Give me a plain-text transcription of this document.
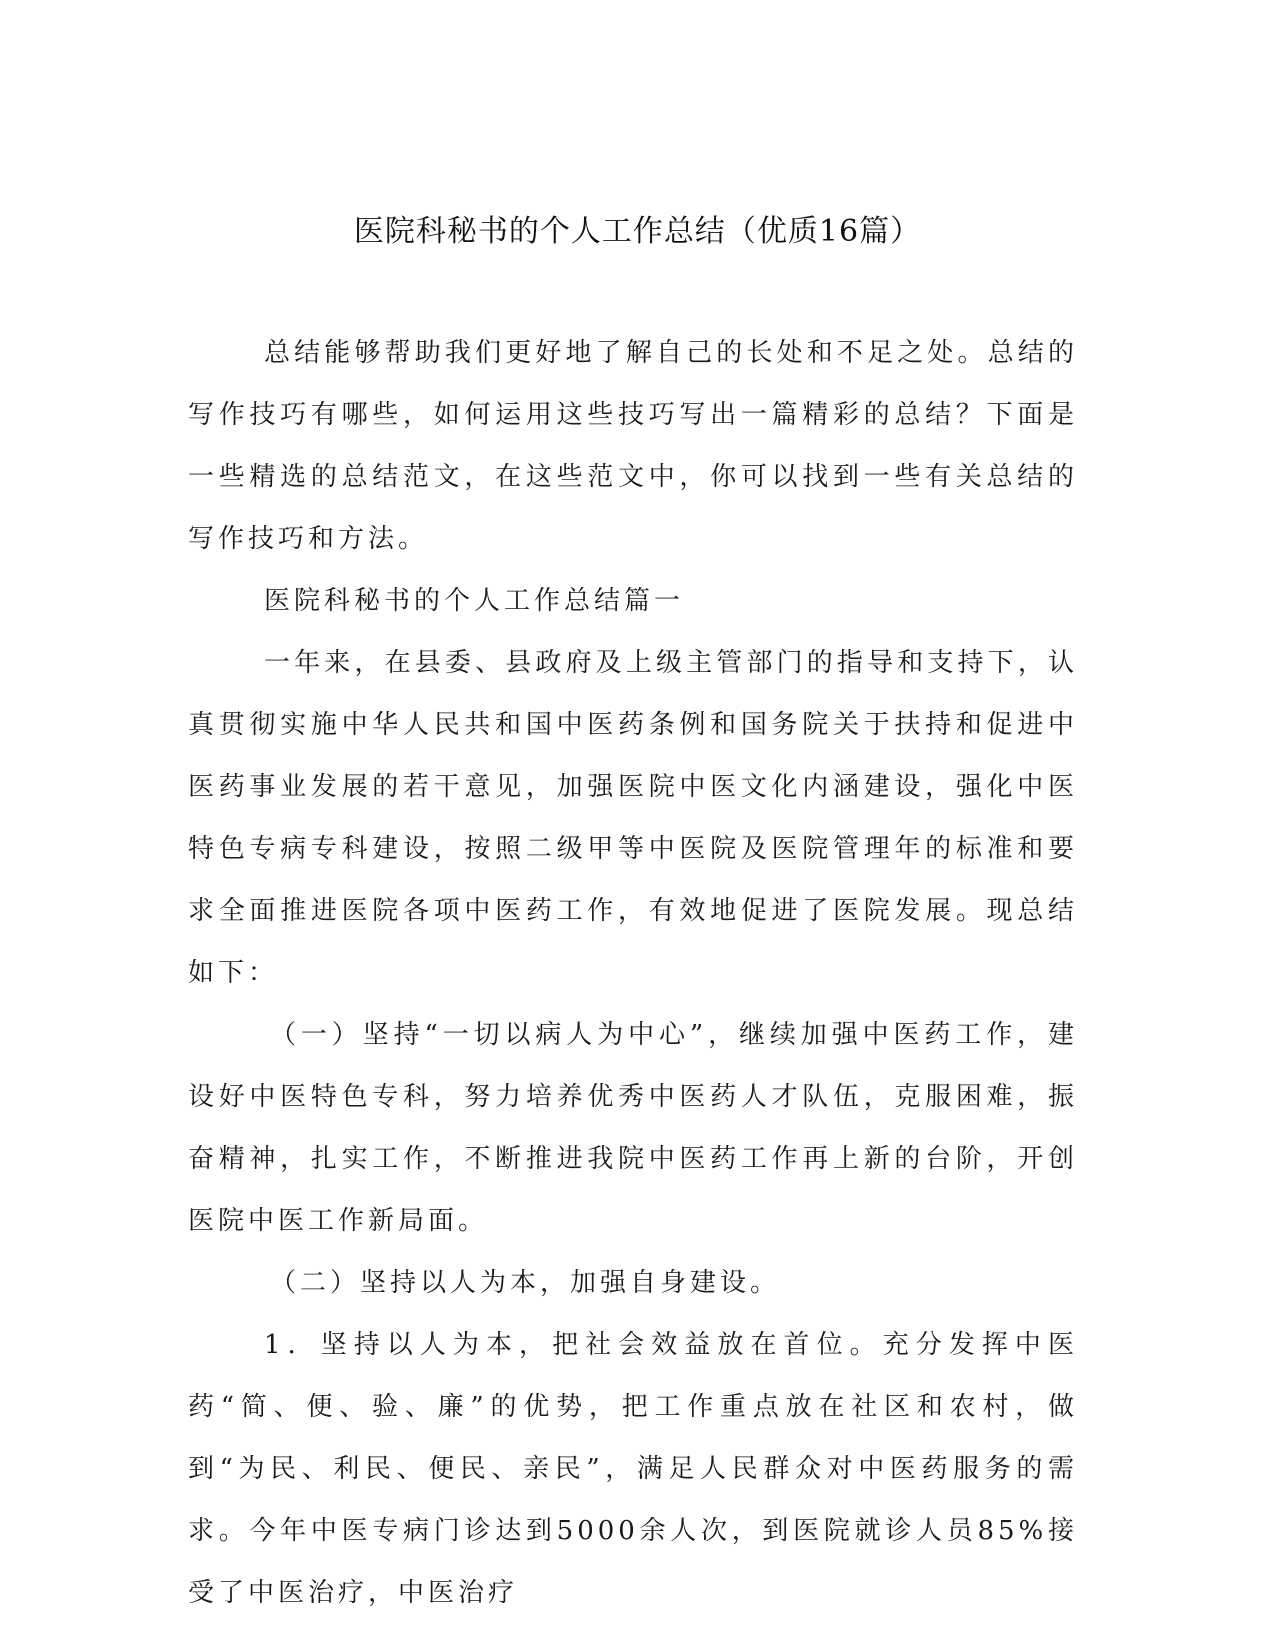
医院科秘书的个人工作总结（优质16篇）

总结能够帮助我们更好地了解自己的长处和不足之处。总结的写作技巧有哪些，如何运用这些技巧写出一篇精彩的总结？下面是一些精选的总结范文，在这些范文中，你可以找到一些有关总结的写作技巧和方法。

医院科秘书的个人工作总结篇一

一年来，在县委、县政府及上级主管部门的指导和支持下，认真贯彻实施中华人民共和国中医药条例和国务院关于扶持和促进中医药事业发展的若干意见，加强医院中医文化内涵建设，强化中医特色专病专科建设，按照二级甲等中医院及医院管理年的标准和要求全面推进医院各项中医药工作，有效地促进了医院发展。现总结如下：

（一）坚持“一切以病人为中心”，继续加强中医药工作，建设好中医特色专科，努力培养优秀中医药人才队伍，克服困难，振奋精神，扎实工作，不断推进我院中医药工作再上新的台阶，开创医院中医工作新局面。

（二）坚持以人为本，加强自身建设。

1．坚持以人为本，把社会效益放在首位。充分发挥中医药“简、便、验、廉”的优势，把工作重点放在社区和农村，做到“为民、利民、便民、亲民”，满足人民群众对中医药服务的需求。今年中医专病门诊达到5000余人次，到医院就诊人员85%接受了中医治疗，中医治疗
